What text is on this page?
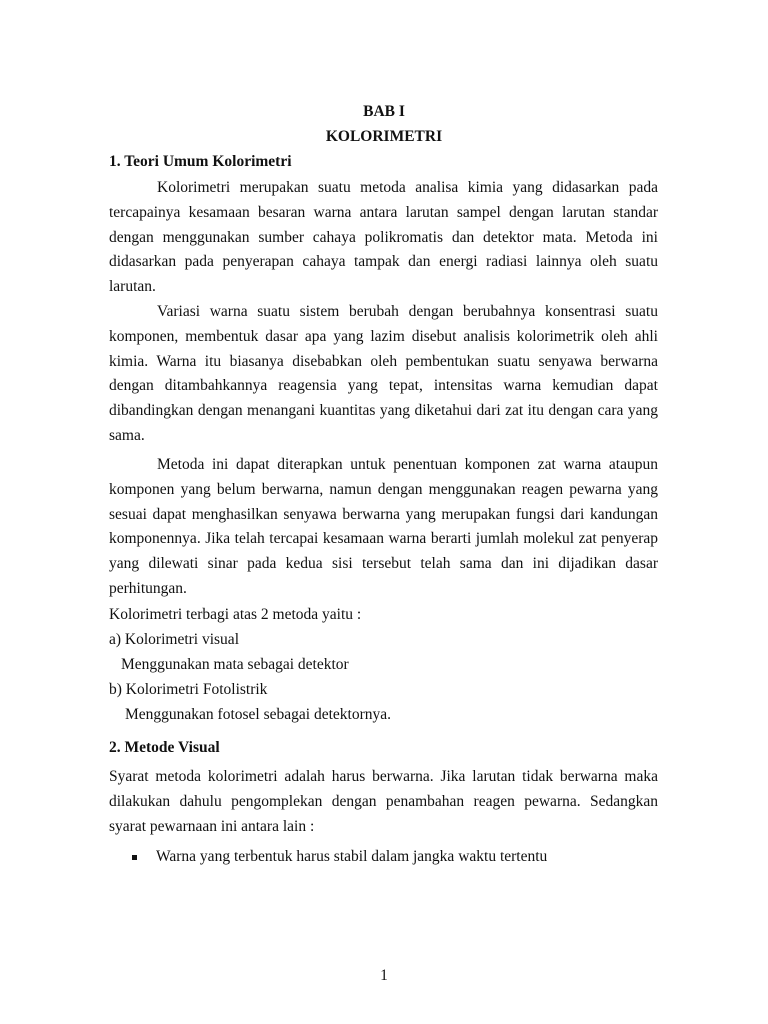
BAB I

KOLORIMETRI

1. Teori Umum Kolorimetri

Kolorimetri merupakan suatu metoda analisa kimia yang didasarkan pada tercapainya kesamaan besaran warna antara larutan sampel dengan larutan standar dengan menggunakan sumber cahaya polikromatis dan detektor mata. Metoda ini didasarkan pada penyerapan cahaya tampak dan energi radiasi lainnya oleh suatu larutan.

Variasi warna suatu sistem berubah dengan berubahnya konsentrasi suatu komponen, membentuk dasar apa yang lazim disebut analisis kolorimetrik oleh ahli kimia. Warna itu biasanya disebabkan oleh pembentukan suatu senyawa berwarna dengan ditambahkannya reagensia yang tepat, intensitas warna kemudian dapat dibandingkan dengan menangani kuantitas yang diketahui dari zat itu dengan cara yang sama.

Metoda ini dapat diterapkan untuk penentuan komponen zat warna ataupun komponen yang belum berwarna, namun dengan menggunakan reagen pewarna yang sesuai dapat menghasilkan senyawa berwarna yang merupakan fungsi dari kandungan komponennya. Jika telah tercapai kesamaan warna berarti jumlah molekul zat penyerap yang dilewati sinar pada kedua sisi tersebut telah sama dan ini dijadikan dasar perhitungan.

Kolorimetri terbagi atas 2 metoda yaitu :

a) Kolorimetri visual

Menggunakan mata sebagai detektor

b) Kolorimetri Fotolistrik

Menggunakan fotosel sebagai detektornya.

2. Metode Visual

Syarat metoda kolorimetri adalah harus berwarna. Jika larutan tidak berwarna maka dilakukan dahulu pengomplekan dengan penambahan reagen pewarna. Sedangkan syarat pewarnaan ini antara lain :

Warna yang terbentuk harus stabil dalam jangka waktu tertentu

1
